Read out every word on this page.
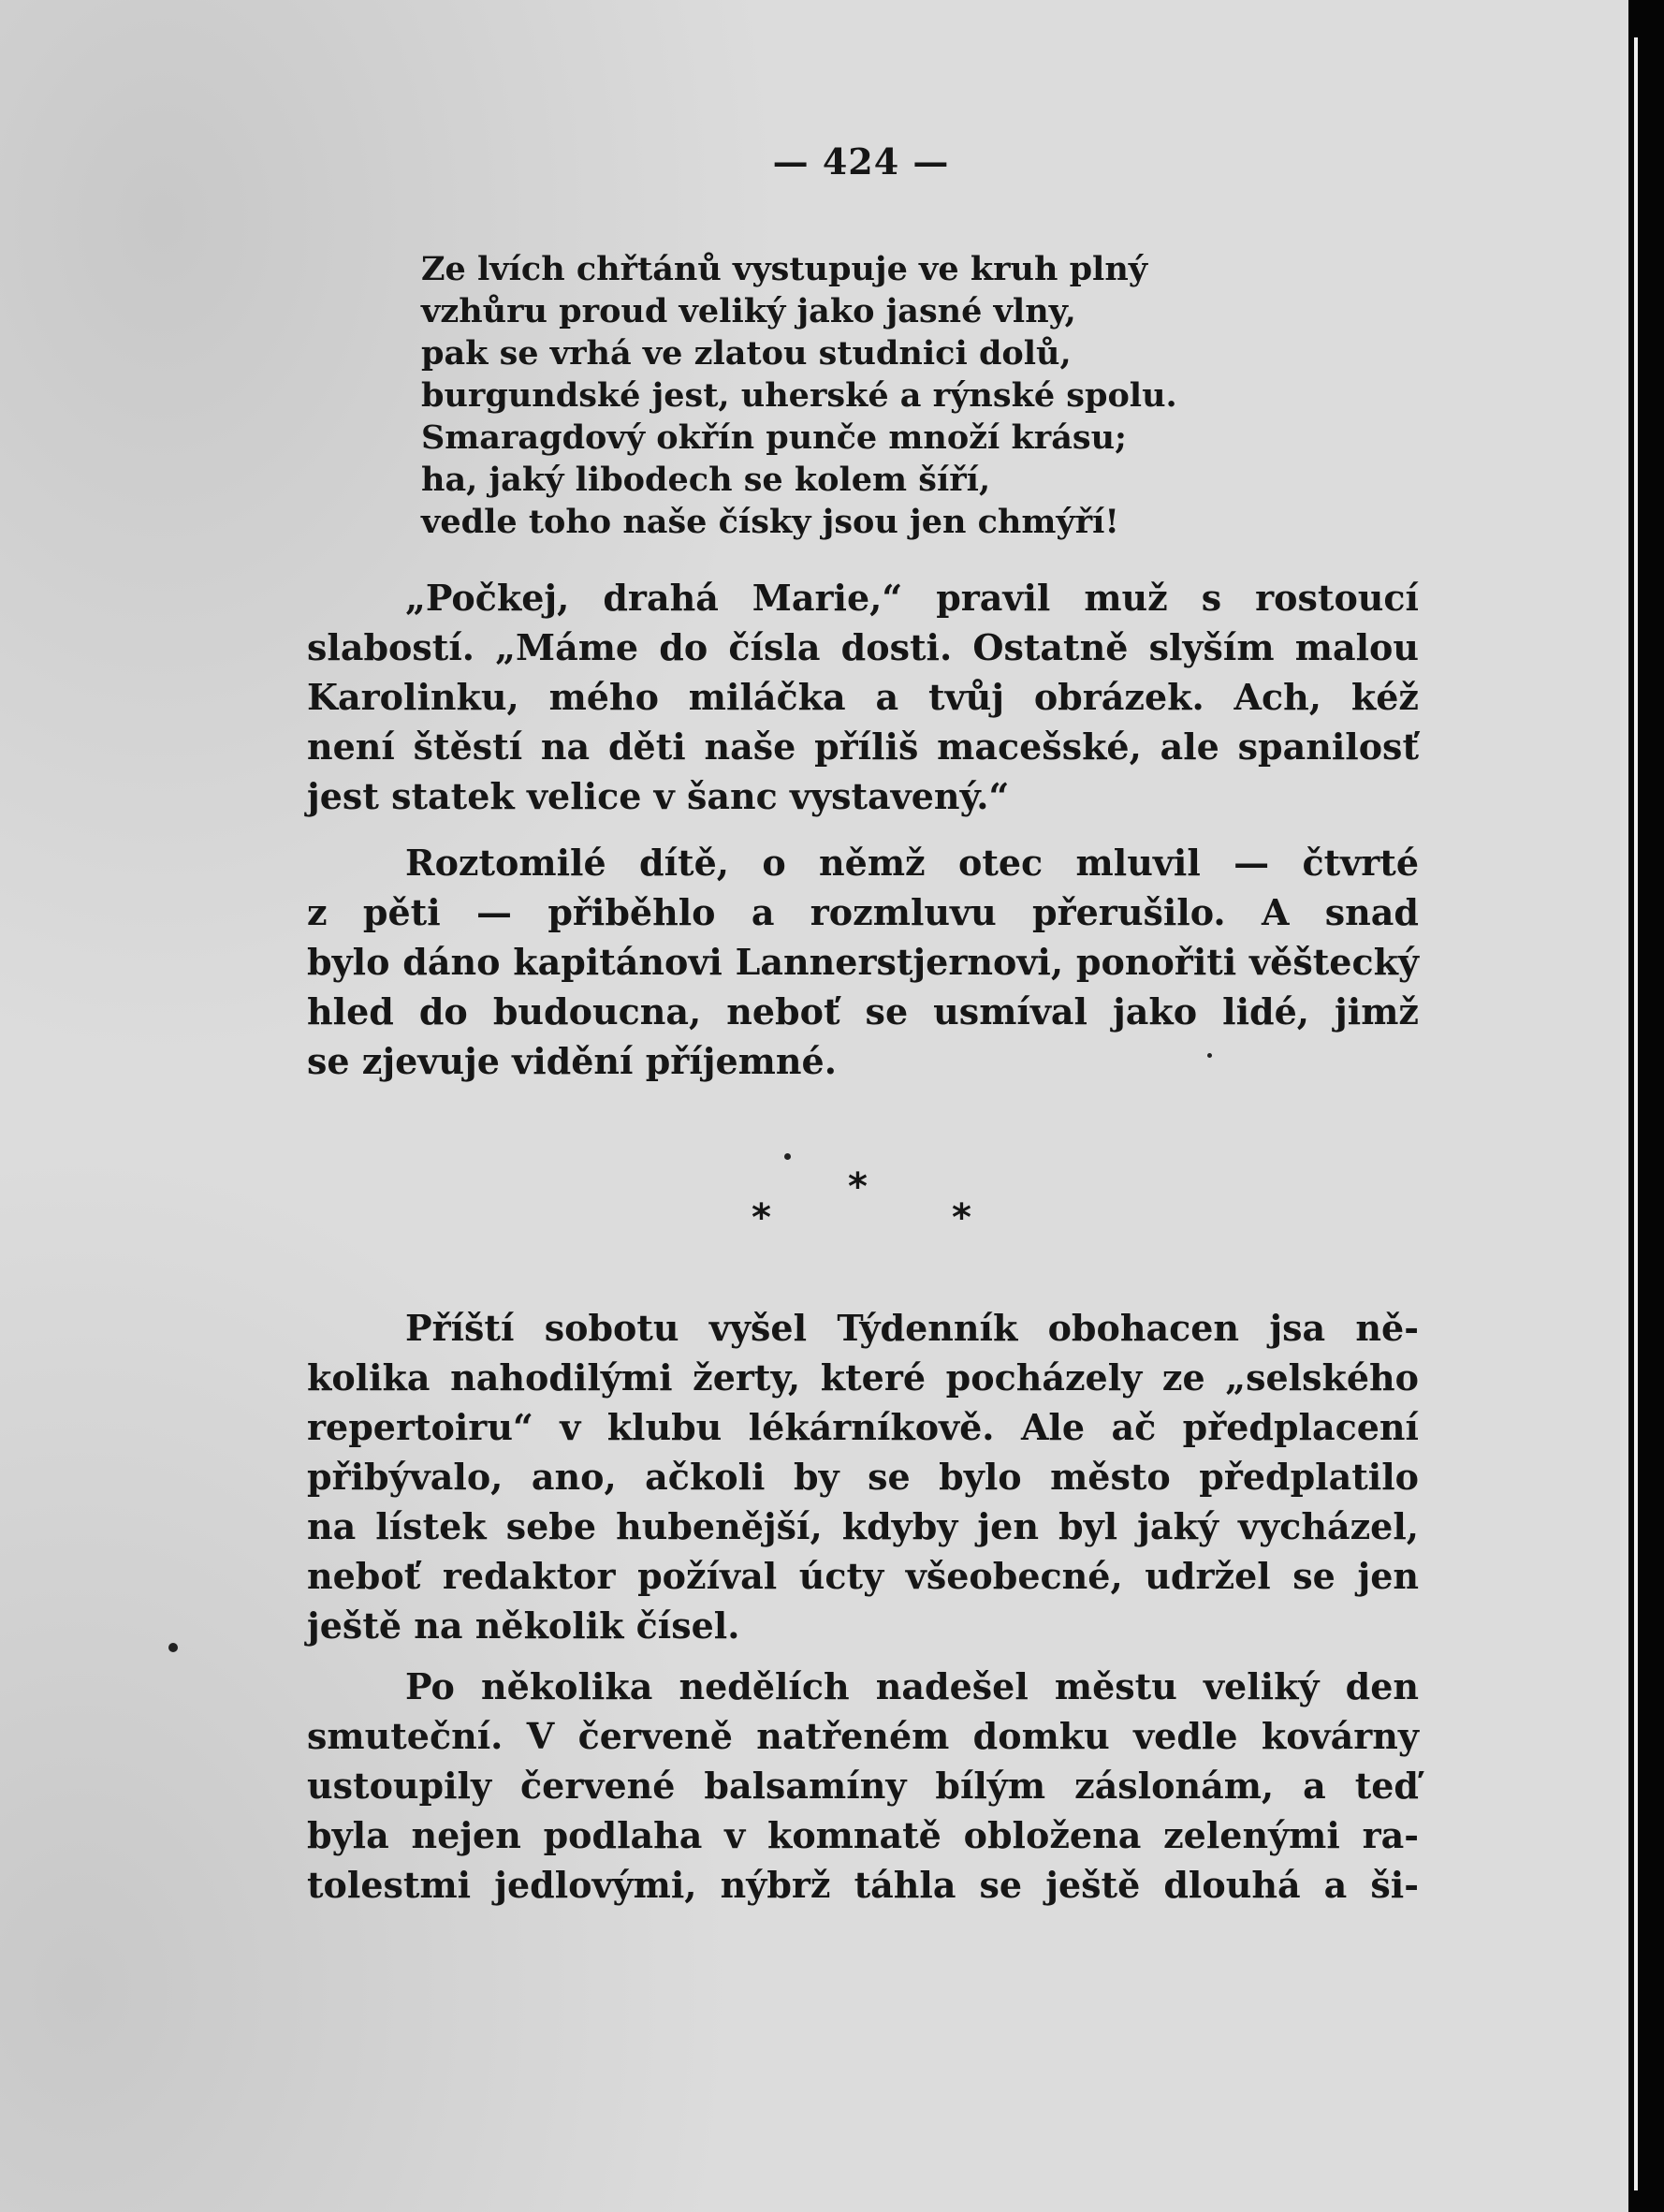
— 424 —
Ze lvích chřtánů vystupuje ve kruh plný
vzhůru proud veliký jako jasné vlny,
pak se vrhá ve zlatou studnici dolů,
burgundské jest, uherské a rýnské spolu.
Smaragdový okřín punče množí krásu;
ha, jaký libodech se kolem šíří,
vedle toho naše čísky jsou jen chmýří!
„Počkej, drahá Marie,“ pravil muž s rostoucí
slabostí. „Máme do čísla dosti. Ostatně slyším malou
Karolinku, mého miláčka a tvůj obrázek. Ach, kéž
není štěstí na děti naše příliš macešské, ale spanilosť
jest statek velice v šanc vystavený.“
Roztomilé dítě, o němž otec mluvil — čtvrté
z pěti — přiběhlo a rozmluvu přerušilo. A snad
bylo dáno kapitánovi Lannerstjernovi, ponořiti věštecký
hled do budoucna, neboť se usmíval jako lidé, jimž
se zjevuje vidění příjemné.
*
*	*
Příští sobotu vyšel Týdenník obohacen jsa ně-
kolika nahodilými žerty, které pocházely ze „selského
repertoiru“ v klubu lékárníkově. Ale ač předplacení
přibývalo, ano, ačkoli by se bylo město předplatilo
na lístek sebe hubenější, kdyby jen byl jaký vycházel,
neboť redaktor požíval úcty všeobecné, udržel se jen
ještě na několik čísel.
Po několika nedělích nadešel městu veliký den
smuteční. V červeně natřeném domku vedle kovárny
ustoupily červené balsamíny bílým záslonám, a teď
byla nejen podlaha v komnatě obložena zelenými ra-
tolestmi jedlovými, nýbrž táhla se ještě dlouhá a ši-
